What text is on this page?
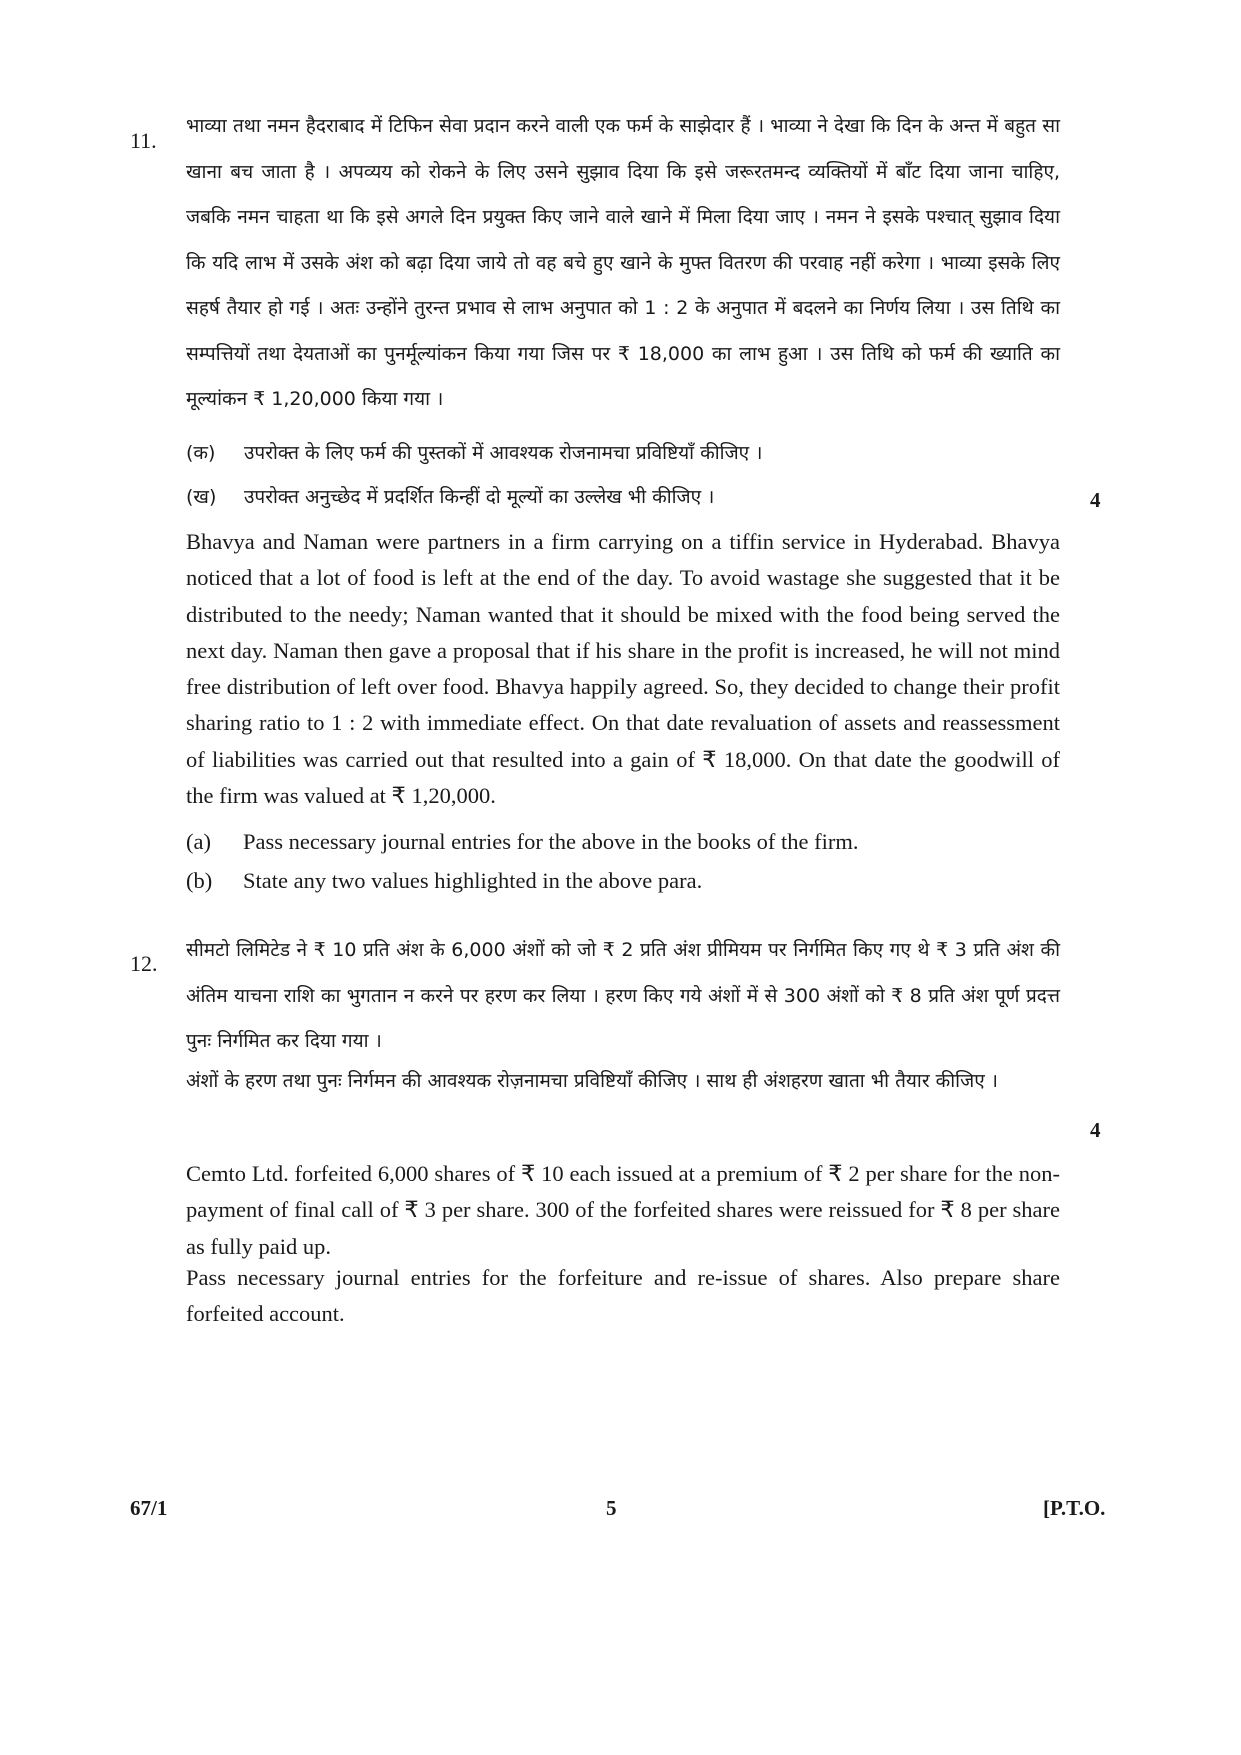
11.

भाव्या तथा नमन हैदराबाद में टिफिन सेवा प्रदान करने वाली एक फर्म के साझेदार हैं । भाव्या ने देखा कि दिन के अन्त में बहुत सा खाना बच जाता है । अपव्यय को रोकने के लिए उसने सुझाव दिया कि इसे जरूरतमन्द व्यक्तियों में बाँट दिया जाना चाहिए, जबकि नमन चाहता था कि इसे अगले दिन प्रयुक्त किए जाने वाले खाने में मिला दिया जाए । नमन ने इसके पश्चात् सुझाव दिया कि यदि लाभ में उसके अंश को बढ़ा दिया जाये तो वह बचे हुए खाने के मुफ्त वितरण की परवाह नहीं करेगा । भाव्या इसके लिए सहर्ष तैयार हो गई । अतः उन्होंने तुरन्त प्रभाव से लाभ अनुपात को 1 : 2 के अनुपात में बदलने का निर्णय लिया । उस तिथि का सम्पत्तियों तथा देयताओं का पुनर्मूल्यांकन किया गया जिस पर ₹ 18,000 का लाभ हुआ । उस तिथि को फर्म की ख्याति का मूल्यांकन ₹ 1,20,000 किया गया ।

(क) उपरोक्त के लिए फर्म की पुस्तकों में आवश्यक रोजनामचा प्रविष्टियाँ कीजिए ।
(ख) उपरोक्त अनुच्छेद में प्रदर्शित किन्हीं दो मूल्यों का उल्लेख भी कीजिए ।	4

Bhavya and Naman were partners in a firm carrying on a tiffin service in Hyderabad. Bhavya noticed that a lot of food is left at the end of the day. To avoid wastage she suggested that it be distributed to the needy; Naman wanted that it should be mixed with the food being served the next day. Naman then gave a proposal that if his share in the profit is increased, he will not mind free distribution of left over food. Bhavya happily agreed. So, they decided to change their profit sharing ratio to 1 : 2 with immediate effect. On that date revaluation of assets and reassessment of liabilities was carried out that resulted into a gain of ₹ 18,000. On that date the goodwill of the firm was valued at ₹ 1,20,000.

(a) Pass necessary journal entries for the above in the books of the firm.
(b) State any two values highlighted in the above para.
12.

सीमटो लिमिटेड ने ₹ 10 प्रति अंश के 6,000 अंशों को जो ₹ 2 प्रति अंश प्रीमियम पर निर्गमित किए गए थे ₹ 3 प्रति अंश की अंतिम याचना राशि का भुगतान न करने पर हरण कर लिया । हरण किए गये अंशों में से 300 अंशों को ₹ 8 प्रति अंश पूर्ण प्रदत्त पुनः निर्गमित कर दिया गया ।

अंशों के हरण तथा पुनः निर्गमन की आवश्यक रोज़नामचा प्रविष्टियाँ कीजिए । साथ ही अंशहरण खाता भी तैयार कीजिए ।

4

Cemto Ltd. forfeited 6,000 shares of ₹ 10 each issued at a premium of ₹ 2 per share for the non-payment of final call of ₹ 3 per share. 300 of the forfeited shares were reissued for ₹ 8 per share as fully paid up.

Pass necessary journal entries for the forfeiture and re-issue of shares. Also prepare share forfeited account.

67/1	5	[P.T.O.
